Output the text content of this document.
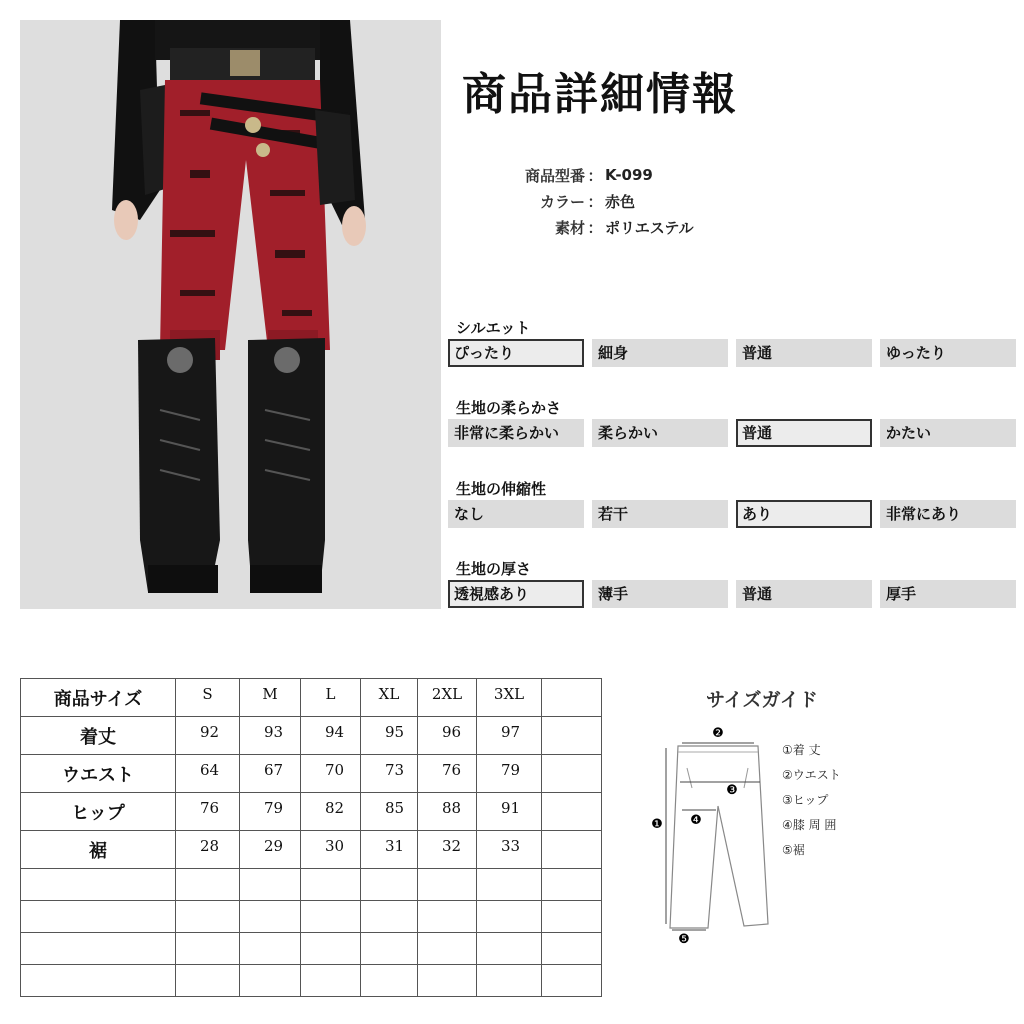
商品詳細情報
商品型番 ： K-099
カラー ： 赤色
素材 ： ポリエステル
シルエット
ぴったり	細身	普通	ゆったり
生地の柔らかさ
非常に柔らかい	柔らかい	普通	かたい
生地の伸縮性
なし	若干	あり	非常にあり
生地の厚さ
透視感あり	薄手	普通	厚手
商品サイズ	S	M	L	XL	2XL	3XL	
着丈	92	93	94	95	96	97	
ウエスト	64	67	70	73	76	79	
ヒップ	76	79	82	85	88	91	
裾	28	29	30	31	32	33	

サイズガイド
❷
❸
❹
❶
❺
①着 丈
②ウエスト
③ヒップ
④膝 周 囲
⑤裾
